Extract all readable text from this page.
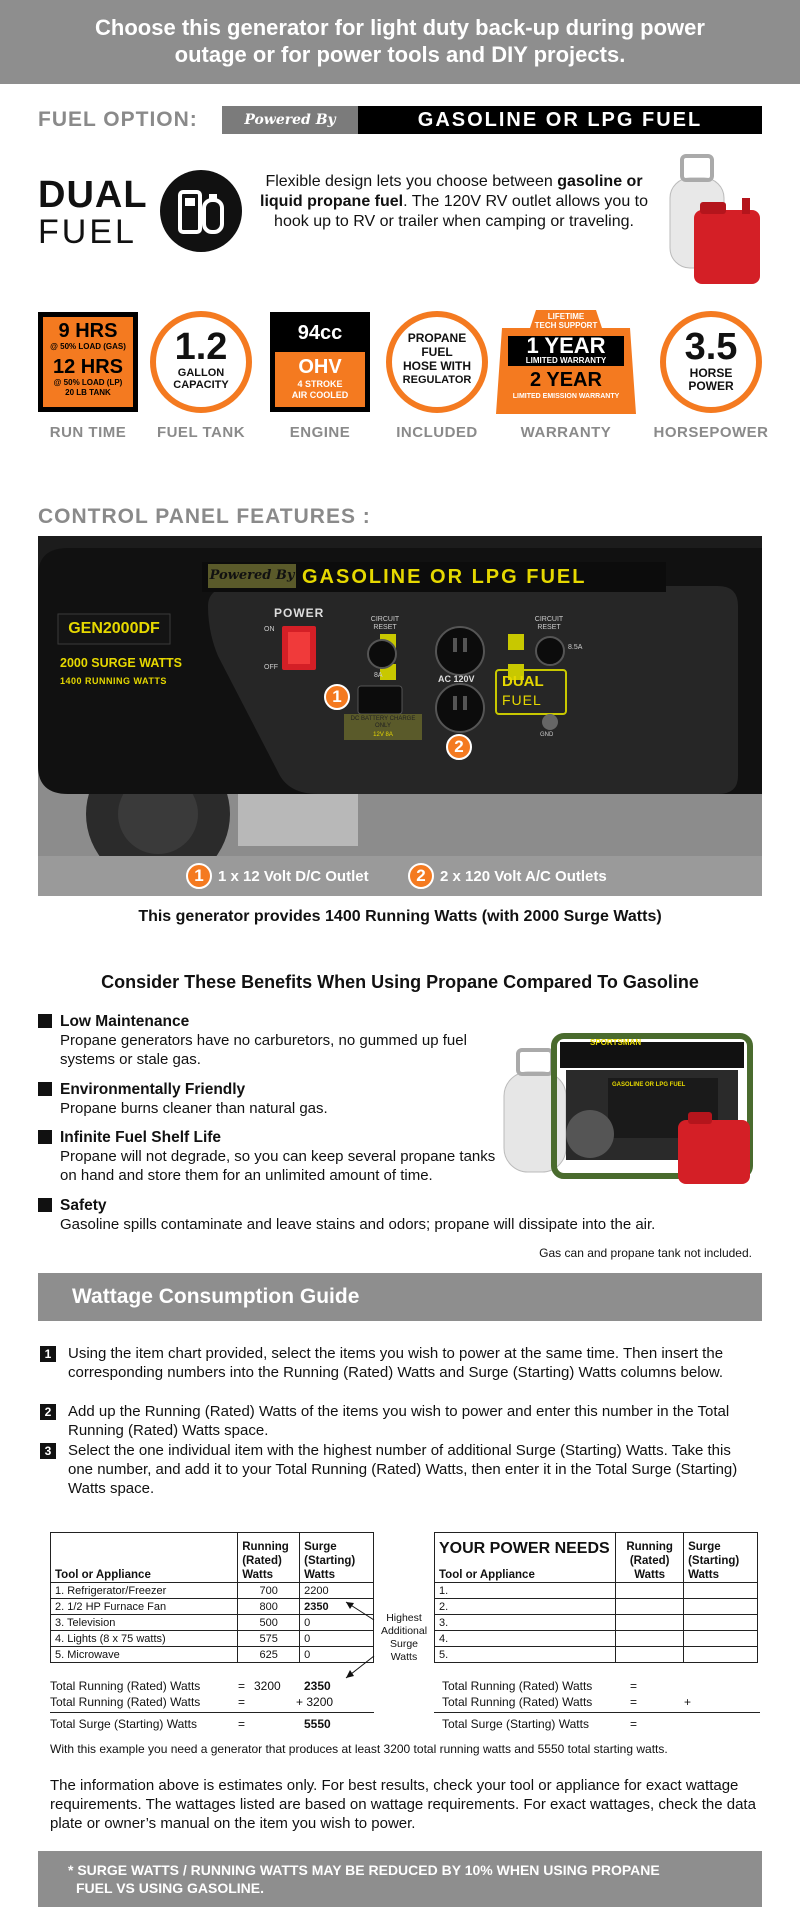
Choose this generator for light duty back-up during power
outage or for power tools and DIY projects.
FUEL OPTION:	Powered By	GASOLINE OR LPG FUEL
DUAL
FUEL
Flexible design lets you choose between gasoline or liquid propane fuel. The 120V RV outlet allows you to hook up to RV or trailer when camping or traveling.
9 HRS
@ 50% LOAD (GAS)
12 HRS
@ 50% LOAD (LP)
20 LB TANK
RUN TIME
1.2
GALLON
CAPACITY
FUEL TANK
94cc
OHV
4 STROKE
AIR COOLED
ENGINE
PROPANE
FUEL
HOSE WITH
REGULATOR
INCLUDED
LIFETIME
TECH SUPPORT
1 YEAR
LIMITED WARRANTY
2 YEAR
LIMITED EMISSION WARRANTY
WARRANTY
3.5
HORSE
POWER
HORSEPOWER
CONTROL PANEL FEATURES :
Powered By GASOLINE OR LPG FUEL
GEN2000DF
2000 SURGE WATTS
1400 RUNNING WATTS
POWER
ON
OFF
CIRCUIT RESET
CIRCUIT RESET
8A
8.5A
AC 120V
DC BATTERY CHARGE ONLY
12V 8A
DUAL
FUEL
GND
1
2
1 1 x 12 Volt D/C Outlet	2 2 x 120 Volt A/C Outlets
This generator provides 1400 Running Watts (with 2000 Surge Watts)
Consider These Benefits When Using Propane Compared To Gasoline
Low Maintenance
Propane generators have no carburetors, no gummed up fuel systems or stale gas.
Environmentally Friendly
Propane burns cleaner than natural gas.
Infinite Fuel Shelf Life
Propane will not degrade, so you can keep several propane tanks on hand and store them for an unlimited amount of time.
Safety
Gasoline spills contaminate and leave stains and odors; propane will dissipate into the air.
SPORTSMAN
GASOLINE OR LPG FUEL
Gas can and propane tank not included.
Wattage Consumption Guide
1	Using the item chart provided, select the items you wish to power at the same time. Then insert the corresponding numbers into the Running (Rated) Watts and Surge (Starting) Watts columns below.
2	Add up the Running (Rated) Watts of the items you wish to power and enter this number in the Total Running (Rated) Watts space.
3	Select the one individual item with the highest number of additional Surge (Starting) Watts. Take this one number, and add it to your Total Running (Rated) Watts, then enter it in the Total Surge (Starting) Watts space.
Tool or Appliance	Running (Rated) Watts	Surge (Starting) Watts
1. Refrigerator/Freezer	700	2200
2. 1/2 HP Furnace Fan	800	2350
3. Television	500	0
4. Lights (8 x 75 watts)	575	0
5. Microwave	625	0
Highest Additional Surge Watts
Total Running (Rated) Watts	= 3200 2350
Total Running (Rated) Watts	=	+ 3200
Total Surge (Starting) Watts	=	5550
YOUR POWER NEEDS
Tool or Appliance	Running (Rated) Watts	Surge (Starting) Watts
1.		
2.		
3.		
4.		
5.		
Total Running (Rated) Watts	=
Total Running (Rated) Watts	=	+
Total Surge (Starting) Watts	=
With this example you need a generator that produces at least 3200 total running watts and 5550 total starting watts.
The information above is estimates only. For best results, check your tool or appliance for exact wattage requirements. The wattages listed are based on wattage requirements. For exact wattages, check the data plate or owner’s manual on the item you wish to power.
* SURGE WATTS / RUNNING WATTS MAY BE REDUCED BY 10% WHEN USING PROPANE
FUEL VS USING GASOLINE.
